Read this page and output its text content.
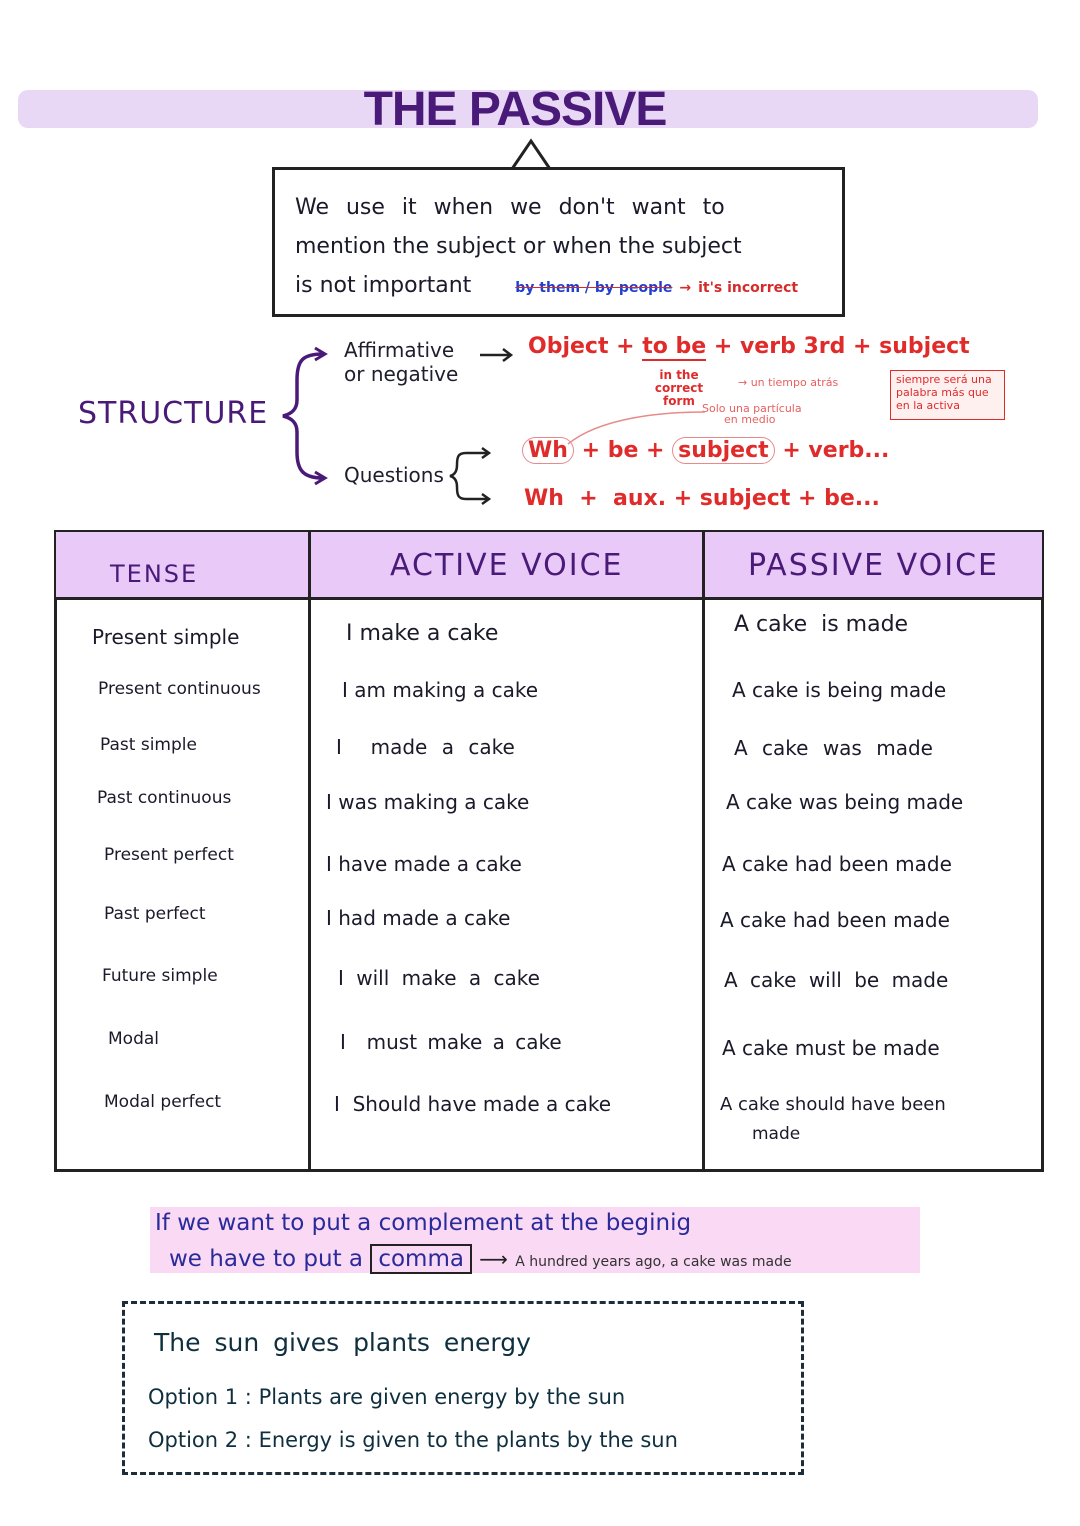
THE PASSIVE
We use it when we don't want to
mention the subject or when the subject
is not important	by them / by people → it's incorrect
STRUCTURE
Affirmative
or negative
Object + to be + verb 3rd + subject
in the correct
form
→ un tiempo atrás
Solo una partícula
en medio
siempre será una palabra más que en la activa
Questions
Wh + be + subject + verb...
Wh  +  aux. + subject + be...
TENSE	ACTIVE VOICE	PASSIVE VOICE
Present simple	I make a cake	A cake  is made
Present continuous	I am making a cake	A cake is being made
Past simple	I  made a cake	A cake was made
Past continuous	I was making a cake	A cake was being made
Present perfect	I have made a cake	A cake had been made
Past perfect	I had made a cake	A cake had been made
Future simple	I will make a cake	A cake will be made
Modal	I  must make a cake	A cake must be made
Modal perfect	I  Should have made a cake	A cake should have been
made
If we want to put a complement at the beginig
we have to put a comma ⟶ A hundred years ago, a cake was made
The sun gives plants energy
Option 1 : Plants are given energy by the sun
Option 2 : Energy is given to the plants by the sun
